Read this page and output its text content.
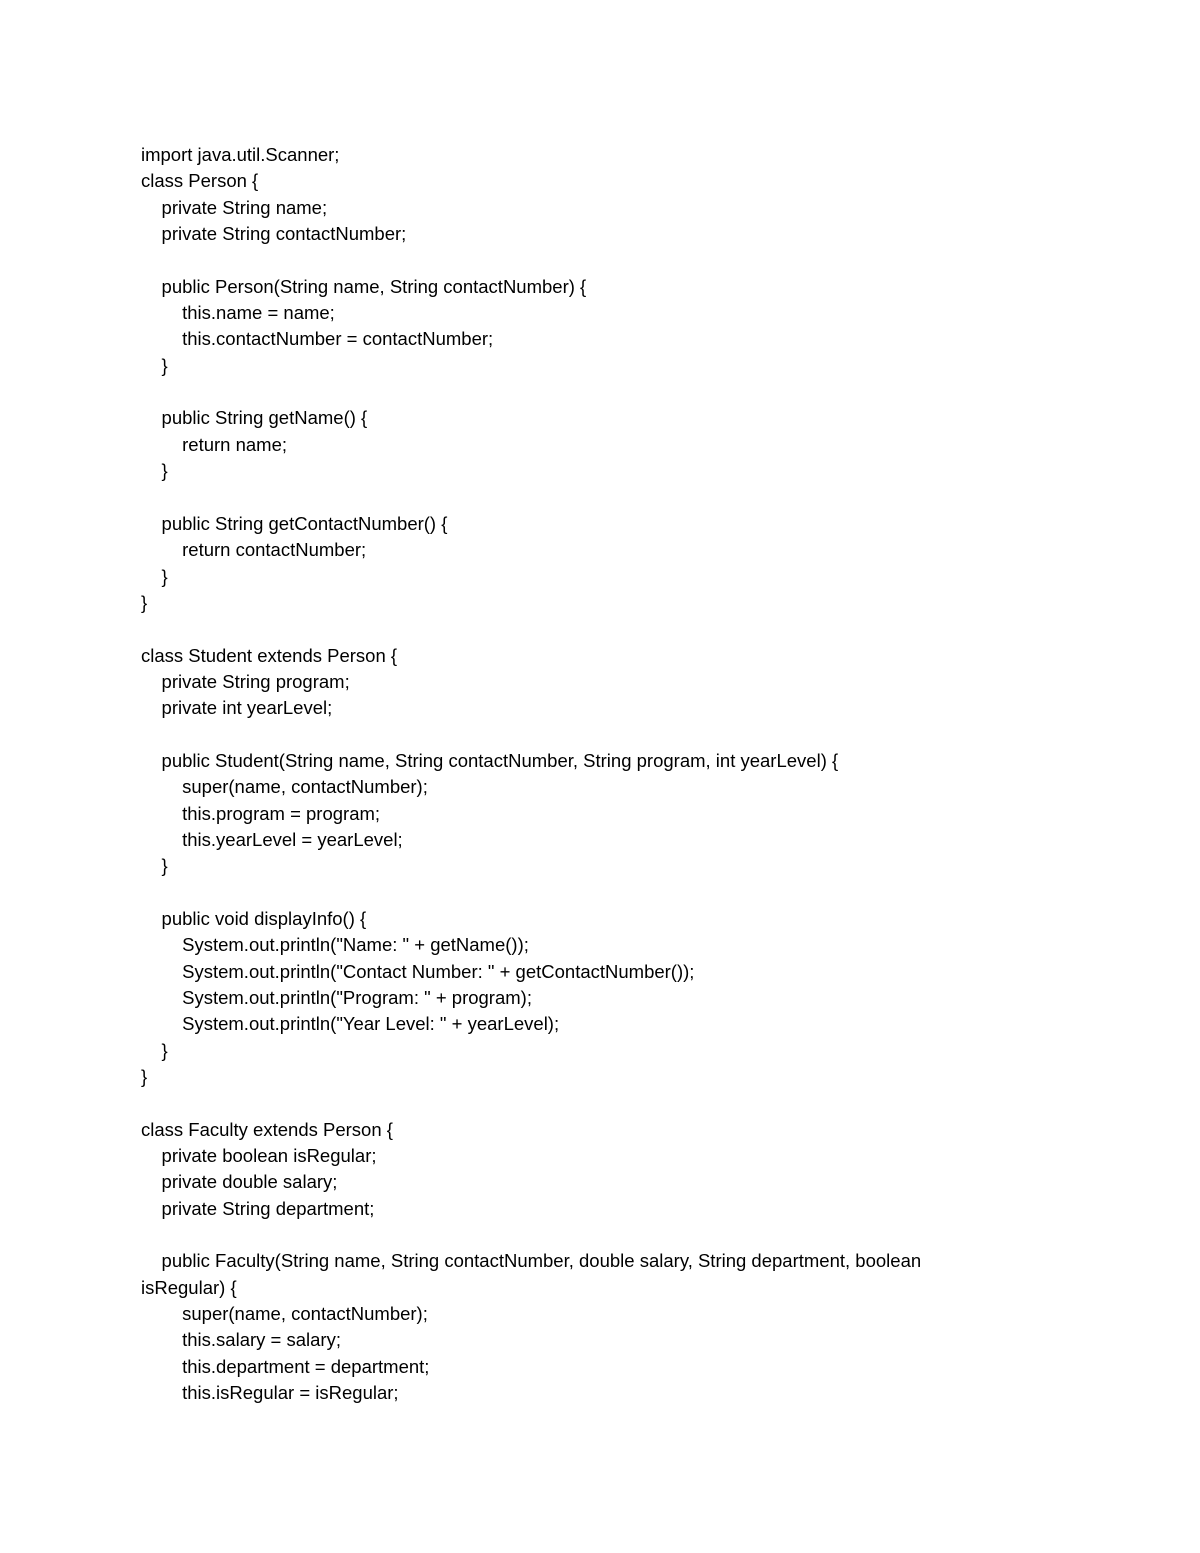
import java.util.Scanner;
class Person {
private String name;
private String contactNumber;
public Person(String name, String contactNumber) {
this.name = name;
this.contactNumber = contactNumber;
}
public String getName() {
return name;
}
public String getContactNumber() {
return contactNumber;
}
}
class Student extends Person {
private String program;
private int yearLevel;
public Student(String name, String contactNumber, String program, int yearLevel) {
super(name, contactNumber);
this.program = program;
this.yearLevel = yearLevel;
}
public void displayInfo() {
System.out.println("Name: " + getName());
System.out.println("Contact Number: " + getContactNumber());
System.out.println("Program: " + program);
System.out.println("Year Level: " + yearLevel);
}
}
class Faculty extends Person {
private boolean isRegular;
private double salary;
private String department;
public Faculty(String name, String contactNumber, double salary, String department, boolean
isRegular) {
super(name, contactNumber);
this.salary = salary;
this.department = department;
this.isRegular = isRegular;
